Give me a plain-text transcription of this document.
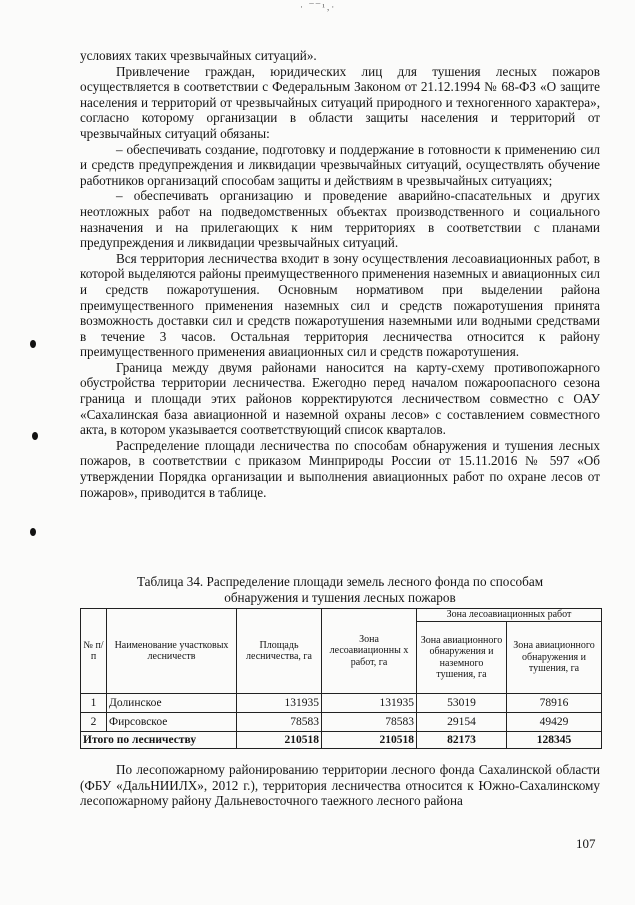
· ¯¯¹,·

условиях таких чрезвычайных ситуаций».

Привлечение граждан, юридических лиц для тушения лесных пожаров осуществляется в соответствии с Федеральным Законом от 21.12.1994 № 68-ФЗ «О защите населения и территорий от чрезвычайных ситуаций природного и техногенного характера», согласно которому организации в области защиты населения и территорий от чрезвычайных ситуаций обязаны:

– обеспечивать создание, подготовку и поддержание в готовности к применению сил и средств предупреждения и ликвидации чрезвычайных ситуаций, осуществлять обучение работников организаций способам защиты и действиям в чрезвычайных ситуациях;

– обеспечивать организацию и проведение аварийно-спасательных и других неотложных работ на подведомственных объектах производственного и социального назначения и на прилегающих к ним территориях в соответствии с планами предупреждения и ликвидации чрезвычайных ситуаций.

Вся территория лесничества входит в зону осуществления лесоавиационных работ, в которой выделяются районы преимущественного применения наземных и авиационных сил и средств пожаротушения. Основным нормативом при выделении района преимущественного применения наземных сил и средств пожаротушения принята возможность доставки сил и средств пожаротушения наземными или водными средствами в течение 3 часов. Остальная территория лесничества относится к району преимущественного применения авиационных сил и средств пожаротушения.

Граница между двумя районами наносится на карту-схему противопожарного обустройства территории лесничества. Ежегодно перед началом пожароопасного сезона граница и площади этих районов корректируются лесничеством совместно с ОАУ «Сахалинская база авиационной и наземной охраны лесов» с составлением совместного акта, в котором указывается соответствующий список кварталов.

Распределение площади лесничества по способам обнаружения и тушения лесных пожаров, в соответствии с приказом Минприроды России от 15.11.2016 № 597 «Об утверждении Порядка организации и выполнения авиационных работ по охране лесов от пожаров», приводится в таблице.

Таблица 34. Распределение площади земель лесного фонда по способам
обнаружения и тушения лесных пожаров
№ п/п	Наименование участковых лесничеств	Площадь лесничества, га	Зона лесоавиационны х работ, га	Зона лесоавиационных работ	
				Зона авиационного обнаружения и наземного тушения, га	Зона авиационного обнаружения и тушения, га
1	Долинское	131935	131935	53019	78916
2	Фирсовское	78583	78583	29154	49429
Итого по лесничеству		210518	210518	82173	128345

По лесопожарному районированию территории лесного фонда Сахалинской области (ФБУ «ДальНИИЛХ», 2012 г.), территория лесничества относится к Южно-Сахалинскому лесопожарному району Дальневосточного таежного лесного района

107
